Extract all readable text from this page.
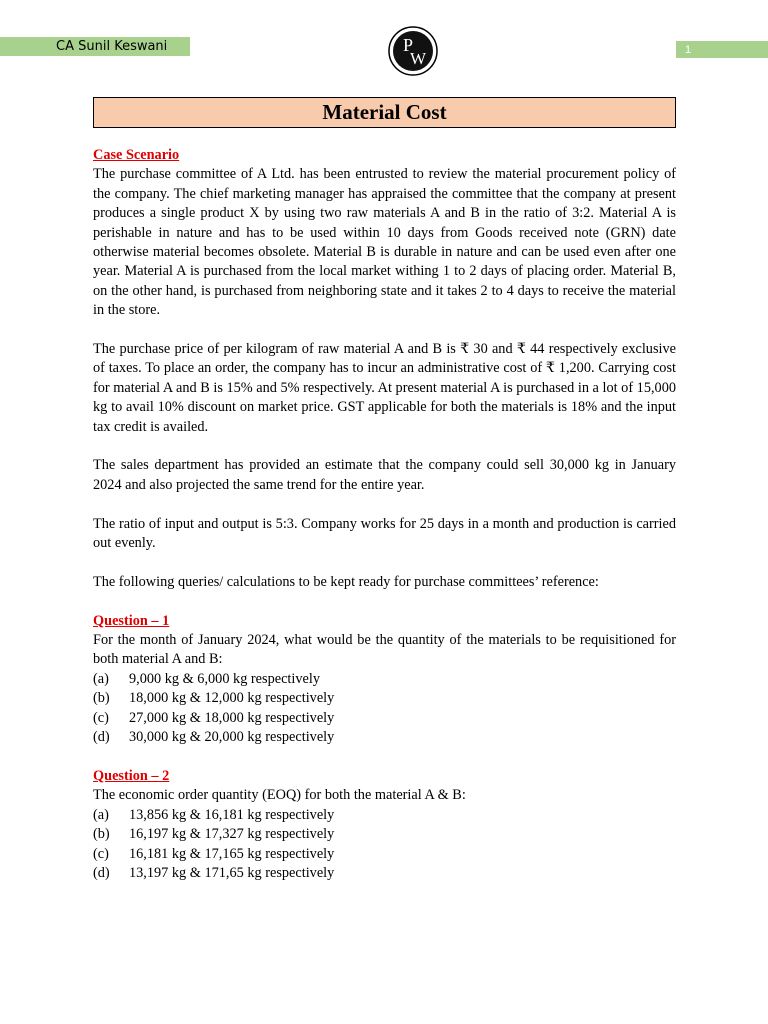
CA Sunil Keswani	P
W	1
Material Cost

Case Scenario

The purchase committee of A Ltd. has been entrusted to review the material procurement policy of the company. The chief marketing manager has appraised the committee that the company at present produces a single product X by using two raw materials A and B in the ratio of 3:2. Material A is perishable in nature and has to be used within 10 days from Goods received note (GRN) date otherwise material becomes obsolete. Material B is durable in nature and can be used even after one year. Material A is purchased from the local market withing 1 to 2 days of placing order. Material B, on the other hand, is purchased from neighboring state and it takes 2 to 4 days to receive the material in the store.

The purchase price of per kilogram of raw material A and B is ₹ 30 and ₹ 44 respectively exclusive of taxes. To place an order, the company has to incur an administrative cost of ₹ 1,200. Carrying cost for material A and B is 15% and 5% respectively. At present material A is purchased in a lot of 15,000 kg to avail 10% discount on market price. GST applicable for both the materials is 18% and the input tax credit is availed.

The sales department has provided an estimate that the company could sell 30,000 kg in January 2024 and also projected the same trend for the entire year.

The ratio of input and output is 5:3. Company works for 25 days in a month and production is carried out evenly.

The following queries/ calculations to be kept ready for purchase committees’ reference:

Question – 1

For the month of January 2024, what would be the quantity of the materials to be requisitioned for both material A and B:

(a)	9,000 kg & 6,000 kg respectively
(b)	18,000 kg & 12,000 kg respectively
(c)	27,000 kg & 18,000 kg respectively
(d)	30,000 kg & 20,000 kg respectively

Question – 2

The economic order quantity (EOQ) for both the material A & B:

(a)	13,856 kg & 16,181 kg respectively
(b)	16,197 kg & 17,327 kg respectively
(c)	16,181 kg & 17,165 kg respectively
(d)	13,197 kg & 171,65 kg respectively
